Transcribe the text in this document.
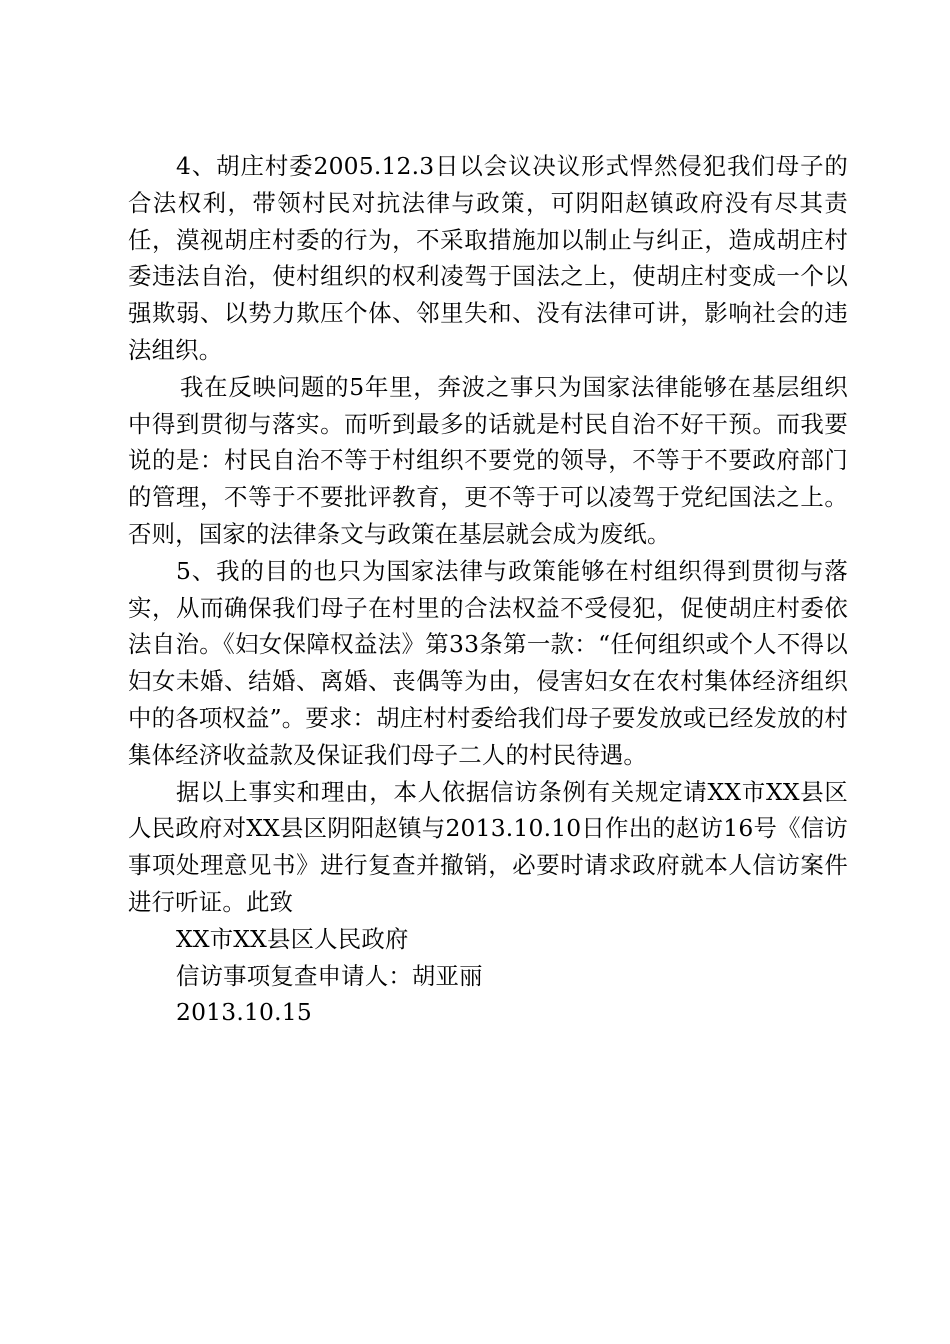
4、胡庄村委2005.12.3日以会议决议形式悍然侵犯我们母子的合法权利，带领村民对抗法律与政策，可阴阳赵镇政府没有尽其责任，漠视胡庄村委的行为，不采取措施加以制止与纠正，造成胡庄村委违法自治，使村组织的权利凌驾于国法之上，使胡庄村变成一个以强欺弱、以势力欺压个体、邻里失和、没有法律可讲，影响社会的违法组织。

我在反映问题的5年里，奔波之事只为国家法律能够在基层组织中得到贯彻与落实。而听到最多的话就是村民自治不好干预。而我要说的是：村民自治不等于村组织不要党的领导，不等于不要政府部门的管理，不等于不要批评教育，更不等于可以凌驾于党纪国法之上。否则，国家的法律条文与政策在基层就会成为废纸。

5、我的目的也只为国家法律与政策能够在村组织得到贯彻与落实，从而确保我们母子在村里的合法权益不受侵犯，促使胡庄村委依法自治。《妇女保障权益法》第33条第一款：“任何组织或个人不得以妇女未婚、结婚、离婚、丧偶等为由，侵害妇女在农村集体经济组织中的各项权益”。要求：胡庄村村委给我们母子要发放或已经发放的村集体经济收益款及保证我们母子二人的村民待遇。

据以上事实和理由，本人依据信访条例有关规定请XX市XX县区人民政府对XX县区阴阳赵镇与2013.10.10日作出的赵访16号《信访事项处理意见书》进行复查并撤销，必要时请求政府就本人信访案件进行听证。此致

XX市XX县区人民政府

信访事项复查申请人：胡亚丽

2013.10.15
